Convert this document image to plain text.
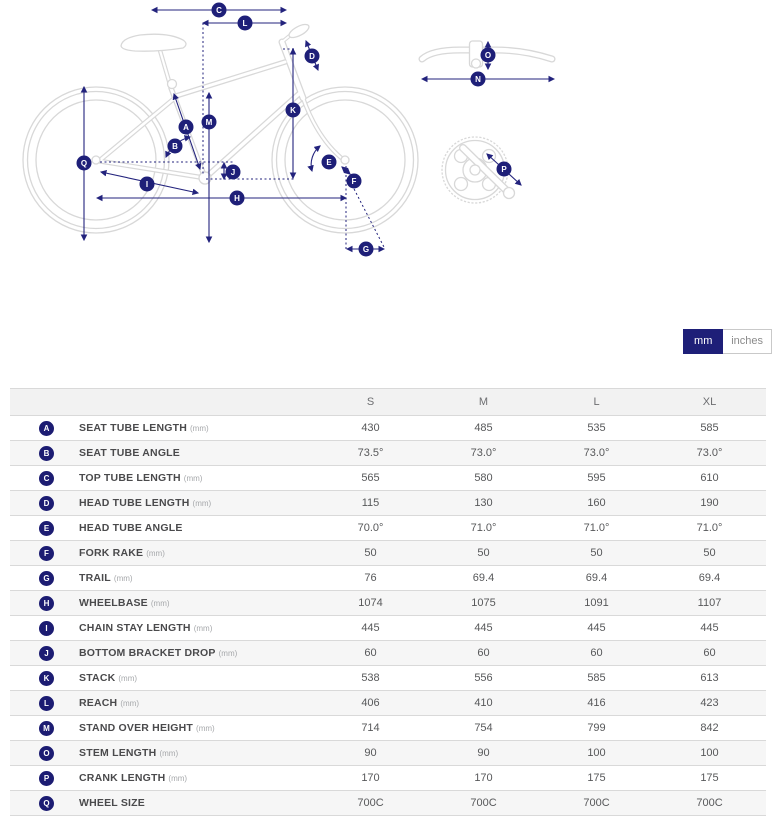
C
L
D
A
B
M
K
E
F
J
I
H
Q
G
O
N
P
mm	inches
	S	M	L	XL
A SEAT TUBE LENGTH (mm)	430	485	535	585
B SEAT TUBE ANGLE	73.5°	73.0°	73.0°	73.0°
C TOP TUBE LENGTH (mm)	565	580	595	610
D HEAD TUBE LENGTH (mm)	115	130	160	190
E HEAD TUBE ANGLE	70.0°	71.0°	71.0°	71.0°
F FORK RAKE (mm)	50	50	50	50
G TRAIL (mm)	76	69.4	69.4	69.4
H WHEELBASE (mm)	1074	1075	1091	1107
I CHAIN STAY LENGTH (mm)	445	445	445	445
J BOTTOM BRACKET DROP (mm)	60	60	60	60
K STACK (mm)	538	556	585	613
L REACH (mm)	406	410	416	423
M STAND OVER HEIGHT (mm)	714	754	799	842
O STEM LENGTH (mm)	90	90	100	100
P CRANK LENGTH (mm)	170	170	175	175
Q WHEEL SIZE	700C	700C	700C	700C
